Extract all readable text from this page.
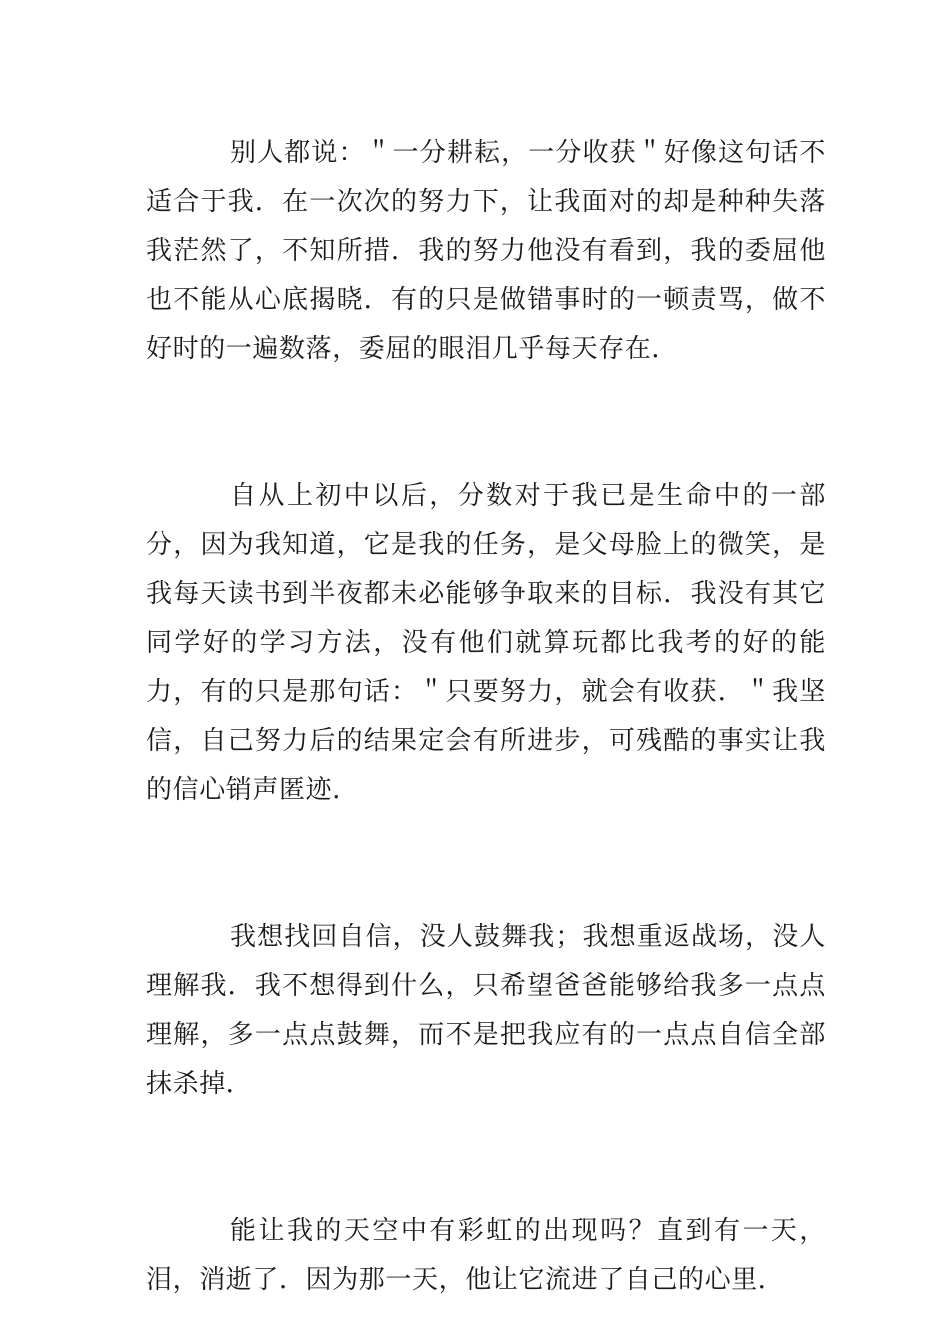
别人都说：＂一分耕耘，一分收获＂好像这句话不适合于我．在一次次的努力下，让我面对的却是种种失落我茫然了，不知所措．我的努力他没有看到，我的委屈他也不能从心底揭晓．有的只是做错事时的一顿责骂，做不好时的一遍数落，委屈的眼泪几乎每天存在．

自从上初中以后，分数对于我已是生命中的一部分，因为我知道，它是我的任务，是父母脸上的微笑，是我每天读书到半夜都未必能够争取来的目标．我没有其它同学好的学习方法，没有他们就算玩都比我考的好的能力，有的只是那句话：＂只要努力，就会有收获．＂我坚信，自己努力后的结果定会有所进步，可残酷的事实让我的信心销声匿迹．

我想找回自信，没人鼓舞我；我想重返战场，没人理解我．我不想得到什么，只希望爸爸能够给我多一点点理解，多一点点鼓舞，而不是把我应有的一点点自信全部抹杀掉．

能让我的天空中有彩虹的出现吗？直到有一天，泪，消逝了．因为那一天，他让它流进了自己的心里．
